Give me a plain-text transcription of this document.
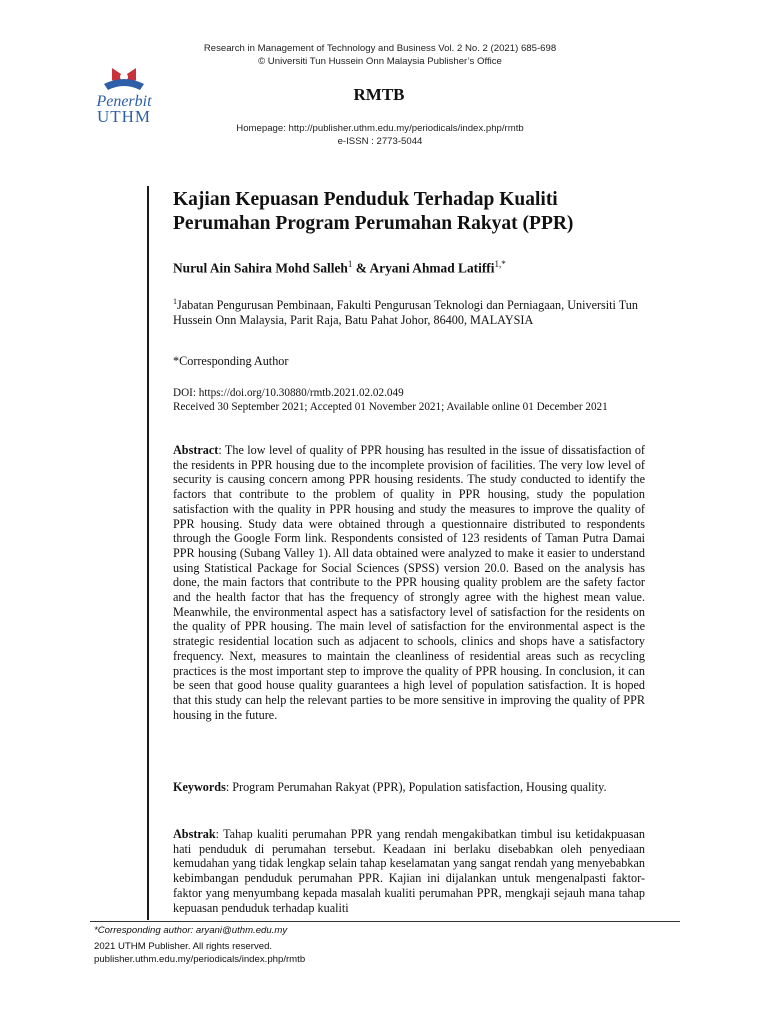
Penerbit
UTHM
Research in Management of Technology and Business Vol. 2 No. 2 (2021) 685-698
© Universiti Tun Hussein Onn Malaysia Publisher’s Office
RMTB
Homepage: http://publisher.uthm.edu.my/periodicals/index.php/rmtb
e-ISSN : 2773-5044
Kajian Kepuasan Penduduk Terhadap Kualiti Perumahan Program Perumahan Rakyat (PPR)
Nurul Ain Sahira Mohd Salleh$^1$ & Aryani Ahmad Latiffi$^{1,*}$
$^1$Jabatan Pengurusan Pembinaan, Fakulti Pengurusan Teknologi dan Perniagaan, Universiti Tun Hussein Onn Malaysia, Parit Raja, Batu Pahat Johor, 86400, MALAYSIA
*Corresponding Author
DOI: https://doi.org/10.30880/rmtb.2021.02.02.049
Received 30 September 2021; Accepted 01 November 2021; Available online 01 December 2021
Abstract: The low level of quality of PPR housing has resulted in the issue of dissatisfaction of the residents in PPR housing due to the incomplete provision of facilities. The very low level of security is causing concern among PPR housing residents. The study conducted to identify the factors that contribute to the problem of quality in PPR housing, study the population satisfaction with the quality in PPR housing and study the measures to improve the quality of PPR housing. Study data were obtained through a questionnaire distributed to respondents through the Google Form link. Respondents consisted of 123 residents of Taman Putra Damai PPR housing (Subang Valley 1). All data obtained were analyzed to make it easier to understand using Statistical Package for Social Sciences (SPSS) version 20.0. Based on the analysis has done, the main factors that contribute to the PPR housing quality problem are the safety factor and the health factor that has the frequency of strongly agree with the highest mean value. Meanwhile, the environmental aspect has a satisfactory level of satisfaction for the residents on the quality of PPR housing. The main level of satisfaction for the environmental aspect is the strategic residential location such as adjacent to schools, clinics and shops have a satisfactory frequency. Next, measures to maintain the cleanliness of residential areas such as recycling practices is the most important step to improve the quality of PPR housing. In conclusion, it can be seen that good house quality guarantees a high level of population satisfaction. It is hoped that this study can help the relevant parties to be more sensitive in improving the quality of PPR housing in the future.
Keywords: Program Perumahan Rakyat (PPR), Population satisfaction, Housing quality.
Abstrak: Tahap kualiti perumahan PPR yang rendah mengakibatkan timbul isu ketidakpuasan hati penduduk di perumahan tersebut. Keadaan ini berlaku disebabkan oleh penyediaan kemudahan yang tidak lengkap selain tahap keselamatan yang sangat rendah yang menyebabkan kebimbangan penduduk perumahan PPR. Kajian ini dijalankan untuk mengenalpasti faktor-faktor yang menyumbang kepada masalah kualiti perumahan PPR, mengkaji sejauh mana tahap kepuasan penduduk terhadap kualiti
*Corresponding author: aryani@uthm.edu.my
2021 UTHM Publisher. All rights reserved.
publisher.uthm.edu.my/periodicals/index.php/rmtb
